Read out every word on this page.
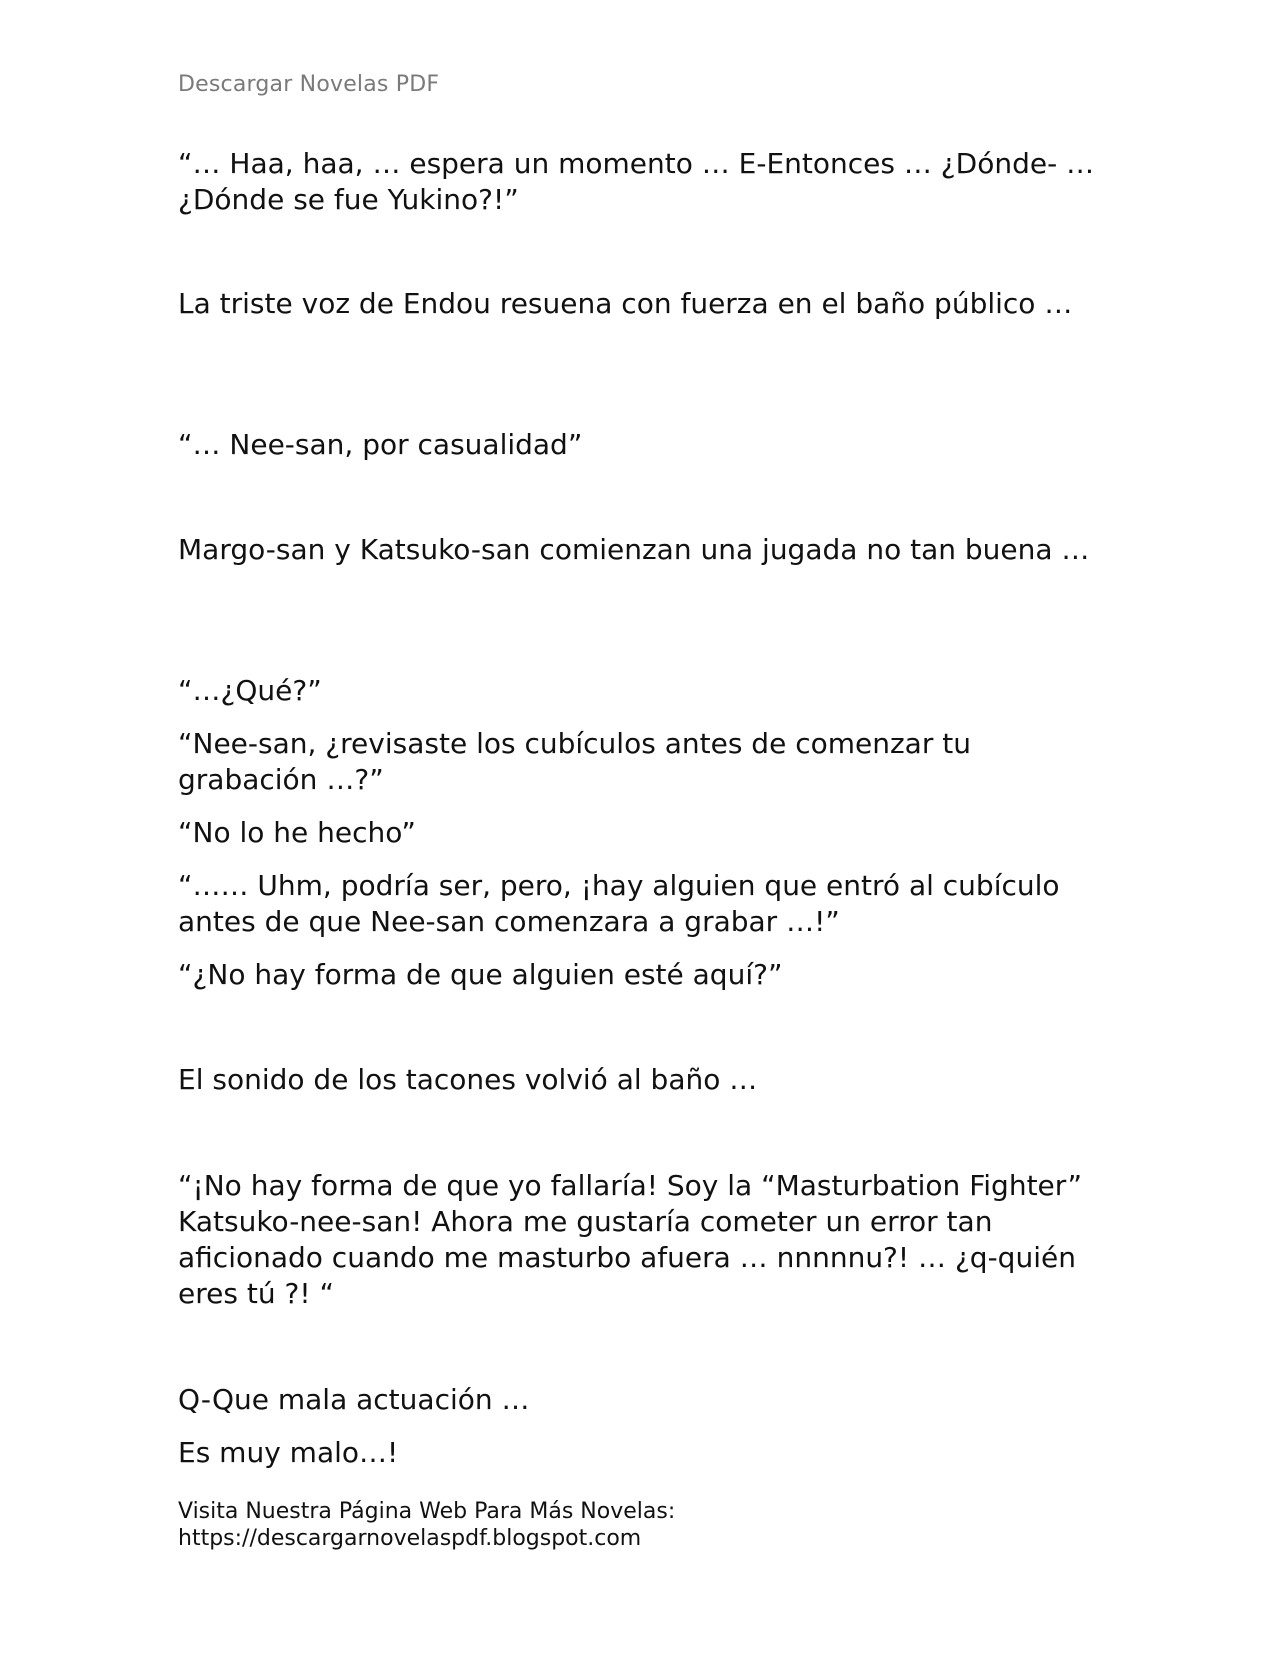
Descargar Novelas PDF
“… Haa, haa, … espera un momento … E-Entonces … ¿Dónde- … ¿Dónde se fue Yukino?!”
La triste voz de Endou resuena con fuerza en el baño público …
“… Nee-san, por casualidad”
Margo-san y Katsuko-san comienzan una jugada no tan buena …
“…¿Qué?”
“Nee-san, ¿revisaste los cubículos antes de comenzar tu grabación …?”
“No lo he hecho”
“…… Uhm, podría ser, pero, ¡hay alguien que entró al cubículo antes de que Nee-san comenzara a grabar …!”
“¿No hay forma de que alguien esté aquí?”
El sonido de los tacones volvió al baño …
“¡No hay forma de que yo fallaría! Soy la “Masturbation Fighter” Katsuko-nee-san! Ahora me gustaría cometer un error tan aficionado cuando me masturbo afuera … nnnnnu?! … ¿q-quién eres tú ?! “
Q-Que mala actuación …
Es muy malo…!
Visita Nuestra Página Web Para Más Novelas:
https://descargarnovelaspdf.blogspot.com
